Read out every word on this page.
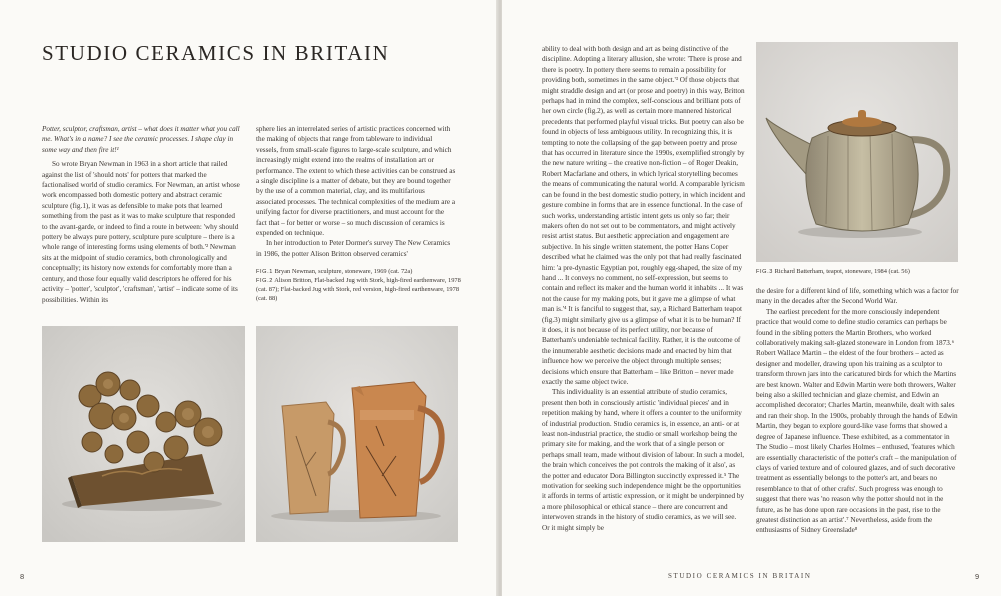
STUDIO CERAMICS IN BRITAIN

Potter, sculptor, craftsman, artist – what does it matter what you call me. What's in a name? I see the ceramic processes. I shape clay in some way and then fire it!¹

So wrote Bryan Newman in 1963 in a short article that railed against the list of 'should nots' for potters that marked the factionalised world of studio ceramics. For Newman, an artist whose work encompassed both domestic pottery and abstract ceramic sculpture (fig.1), it was as defensible to make pots that learned something from the past as it was to make sculpture that responded to the avant-garde, or indeed to find a route in between: 'why should pottery be always pure pottery, sculpture pure sculpture – there is a whole range of interesting forms using elements of both.'² Newman sits at the midpoint of studio ceramics, both chronologically and conceptually; its history now extends for comfortably more than a century, and those four equally valid descriptors he offered for his activity – 'potter', 'sculptor', 'craftsman', 'artist' – indicate some of its possibilities. Within its

sphere lies an interrelated series of artistic practices concerned with the making of objects that range from tableware to individual vessels, from small-scale figures to large-scale sculpture, and which increasingly might extend into the realms of installation art or performance. The extent to which these activities can be construed as a single discipline is a matter of debate, but they are bound together by the use of a common material, clay, and its multifarious associated processes. The technical complexities of the medium are a unifying factor for diverse practitioners, and must account for the fact that – for better or worse – so much discussion of ceramics is expended on technique.

In her introduction to Peter Dormer's survey The New Ceramics in 1986, the potter Alison Britton observed ceramics'

FIG.1 Bryan Newman, sculpture, stoneware, 1969 (cat. 72a)
FIG.2 Alison Britton, Flat-backed Jug with Stork, high-fired earthenware, 1978 (cat. 87); Flat-backed Jug with Stork, red version, high-fired earthenware, 1978 (cat. 88)
8

ability to deal with both design and art as being distinctive of the discipline. Adopting a literary allusion, she wrote: 'There is prose and there is poetry. In pottery there seems to remain a possibility for providing both, sometimes in the same object.'³ Of those objects that might straddle design and art (or prose and poetry) in this way, Britton perhaps had in mind the complex, self-conscious and brilliant pots of her own circle (fig.2), as well as certain more mannered historical precedents that performed playful visual tricks. But poetry can also be found in objects of less ambiguous utility. In recognizing this, it is tempting to note the collapsing of the gap between poetry and prose that has occurred in literature since the 1990s, exemplified strongly by the new nature writing – the creative non-fiction – of Roger Deakin, Robert Macfarlane and others, in which lyrical storytelling becomes the means of communicating the natural world. A comparable lyricism can be found in the best domestic studio pottery, in which incident and gesture combine in forms that are in essence functional. In the case of such works, understanding artistic intent gets us only so far; their makers often do not set out to be commentators, and might actively resist artist status. But aesthetic appreciation and engagement are subjective. In his single written statement, the potter Hans Coper described what he claimed was the only pot that had really fascinated him: 'a pre-dynastic Egyptian pot, roughly egg-shaped, the size of my hand ... It conveys no comment, no self-expression, but seems to contain and reflect its maker and the human world it inhabits ... It was not the cause for my making pots, but it gave me a glimpse of what man is.'⁴ It is fanciful to suggest that, say, a Richard Batterham teapot (fig.3) might similarly give us a glimpse of what it is to be human? If it does, it is not because of its perfect utility, nor because of Batterham's undeniable technical facility. Rather, it is the outcome of the innumerable aesthetic decisions made and enacted by him that influence how we perceive the object through multiple senses; decisions which ensure that Batterham – like Britton – never made exactly the same object twice.

This individuality is an essential attribute of studio ceramics, present then both in consciously artistic 'individual pieces' and in repetition making by hand, where it offers a counter to the uniformity of industrial production. Studio ceramics is, in essence, an anti- or at least non-industrial practice, the studio or small workshop being the primary site for making, and the work that of a single person or perhaps small team, made without division of labour. In such a model, the brain which conceives the pot controls the making of it also', as the potter and educator Dora Billington succinctly expressed it.⁵ The motivation for seeking such independence might be the opportunities it affords in terms of artistic expression, or it might be underpinned by a more philosophical or ethical stance – there are concurrent and interwoven strands in the history of studio ceramics, as we will see. Or it might simply be

FIG.3 Richard Batterham, teapot, stoneware, 1984 (cat. 56)

the desire for a different kind of life, something which was a factor for many in the decades after the Second World War.

The earliest precedent for the more consciously independent practice that would come to define studio ceramics can perhaps be found in the sibling potters the Martin Brothers, who worked collaboratively making salt-glazed stoneware in London from 1873.⁶ Robert Wallace Martin – the eldest of the four brothers – acted as designer and modeller, drawing upon his training as a sculptor to transform thrown jars into the caricatured birds for which the Martins are best known. Walter and Edwin Martin were both throwers, Walter being also a skilled technician and glaze chemist, and Edwin an accomplished decorator; Charles Martin, meanwhile, dealt with sales and ran their shop. In the 1900s, probably through the hands of Edwin Martin, they began to explore gourd-like vase forms that showed a degree of Japanese influence. These exhibited, as a commentator in The Studio – most likely Charles Holmes – enthused, 'features which are essentially characteristic of the potter's craft – the manipulation of clays of varied texture and of coloured glazes, and of such decorative treatment as essentially belongs to the potter's art, and bears no resemblance to that of other crafts'. Such progress was enough to suggest that there was 'no reason why the potter should not in the future, as he has done upon rare occasions in the past, rise to the greatest distinction as an artist'.⁷ Nevertheless, aside from the enthusiasms of Sidney Greenslade⁸

STUDIO CERAMICS IN BRITAIN	9
